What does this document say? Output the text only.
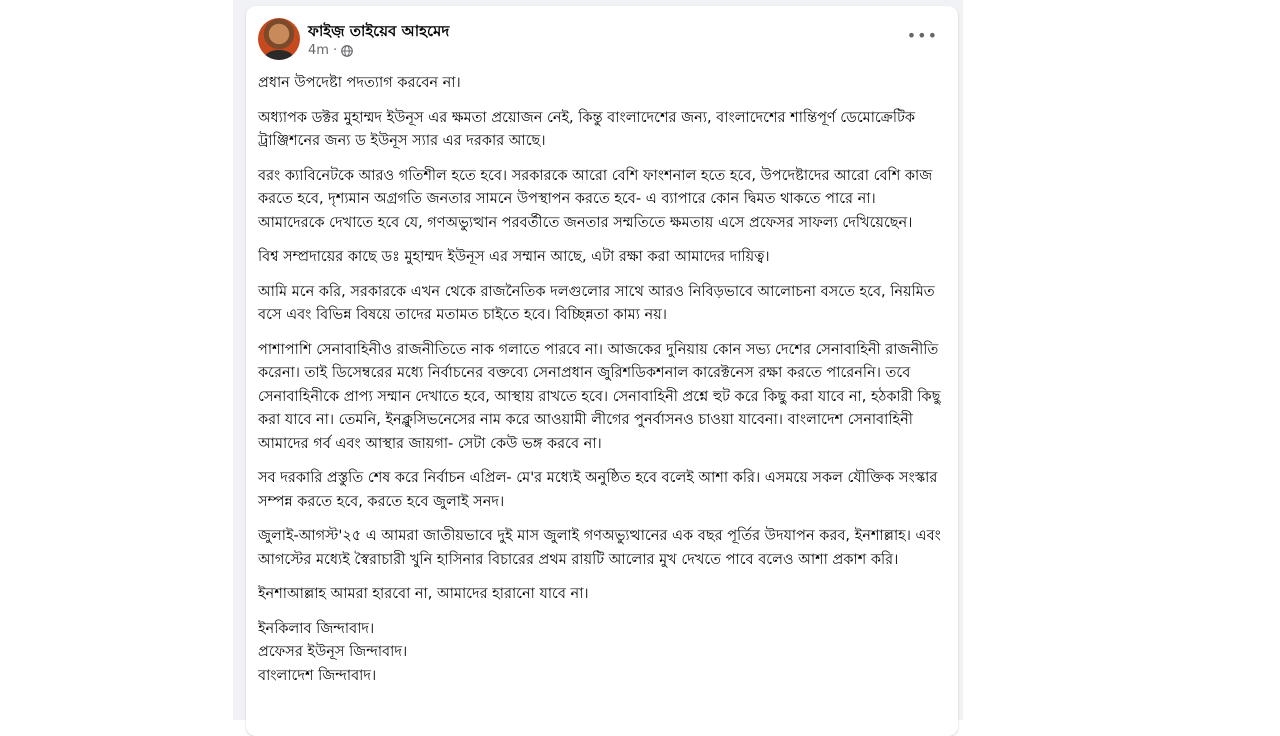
ফাইজ় তাইয়েব আহমেদ
4m ·
•••

প্রধান উপদেষ্টা পদত্যাগ করবেন না।

অধ্যাপক ডক্টর মুহাম্মদ ইউনূস এর ক্ষমতা প্রয়োজন নেই, কিন্তু বাংলাদেশের জন্য, বাংলাদেশের শান্তিপূর্ণ ডেমোক্রেটিক ট্রাঞ্জিশনের জন্য ড ইউনূস স্যার এর দরকার আছে।

বরং ক্যাবিনেটকে আরও গতিশীল হতে হবে। সরকারকে আরো বেশি ফাংশনাল হতে হবে, উপদেষ্টাদের আরো বেশি কাজ করতে হবে, দৃশ্যমান অগ্রগতি জনতার সামনে উপস্থাপন করতে হবে- এ ব্যাপারে কোন দ্বিমত থাকতে পারে না। আমাদেরকে দেখাতে হবে যে, গণঅভ্যুত্থান পরবর্তীতে জনতার সম্মতিতে ক্ষমতায় এসে প্রফেসর সাফল্য দেখিয়েছেন।

বিশ্ব সম্প্রদায়ের কাছে ডঃ মুহাম্মদ ইউনূস এর সম্মান আছে, এটা রক্ষা করা আমাদের দায়িত্ব।

আমি মনে করি, সরকারকে এখন থেকে রাজনৈতিক দলগুলোর সাথে আরও নিবিড়ভাবে আলোচনা বসতে হবে, নিয়মিত বসে এবং বিভিন্ন বিষয়ে তাদের মতামত চাইতে হবে। বিচ্ছিন্নতা কাম্য নয়।

পাশাপাশি সেনাবাহিনীও রাজনীতিতে নাক গলাতে পারবে না। আজকের দুনিয়ায় কোন সভ্য দেশের সেনাবাহিনী রাজনীতি করেনা। তাই ডিসেম্বরের মধ্যে নির্বাচনের বক্তব্যে সেনাপ্রধান জুরিশডিকশনাল কারেক্টনেস রক্ষা করতে পারেননি। তবে সেনাবাহিনীকে প্রাপ্য সম্মান দেখাতে হবে, আস্থায় রাখতে হবে। সেনাবাহিনী প্রশ্নে হুট করে কিছু করা যাবে না, হঠকারী কিছু করা যাবে না। তেমনি, ইনক্লুসিভনেসের নাম করে আওয়ামী লীগের পুনর্বাসনও চাওয়া যাবেনা। বাংলাদেশ সেনাবাহিনী আমাদের গর্ব এবং আস্থার জায়গা- সেটা কেউ ভঙ্গ করবে না।

সব দরকারি প্রস্তুতি শেষ করে নির্বাচন এপ্রিল- মে'র মধ্যেই অনুষ্ঠিত হবে বলেই আশা করি। এসময়ে সকল যৌক্তিক সংস্কার সম্পন্ন করতে হবে, করতে হবে জুলাই সনদ।

জুলাই-আগস্ট'২৫ এ আমরা জাতীয়ভাবে দুই মাস জুলাই গণঅভ্যুত্থানের এক বছর পূর্তির উদযাপন করব, ইনশাল্লাহ। এবং আগস্টের মধ্যেই স্বৈরাচারী খুনি হাসিনার বিচারের প্রথম রায়টি আলোর মুখ দেখতে পাবে বলেও আশা প্রকাশ করি।

ইনশাআল্লাহ আমরা হারবো না, আমাদের হারানো যাবে না।

ইনকিলাব জিন্দাবাদ।

প্রফেসর ইউনূস জিন্দাবাদ।

বাংলাদেশ জিন্দাবাদ।
